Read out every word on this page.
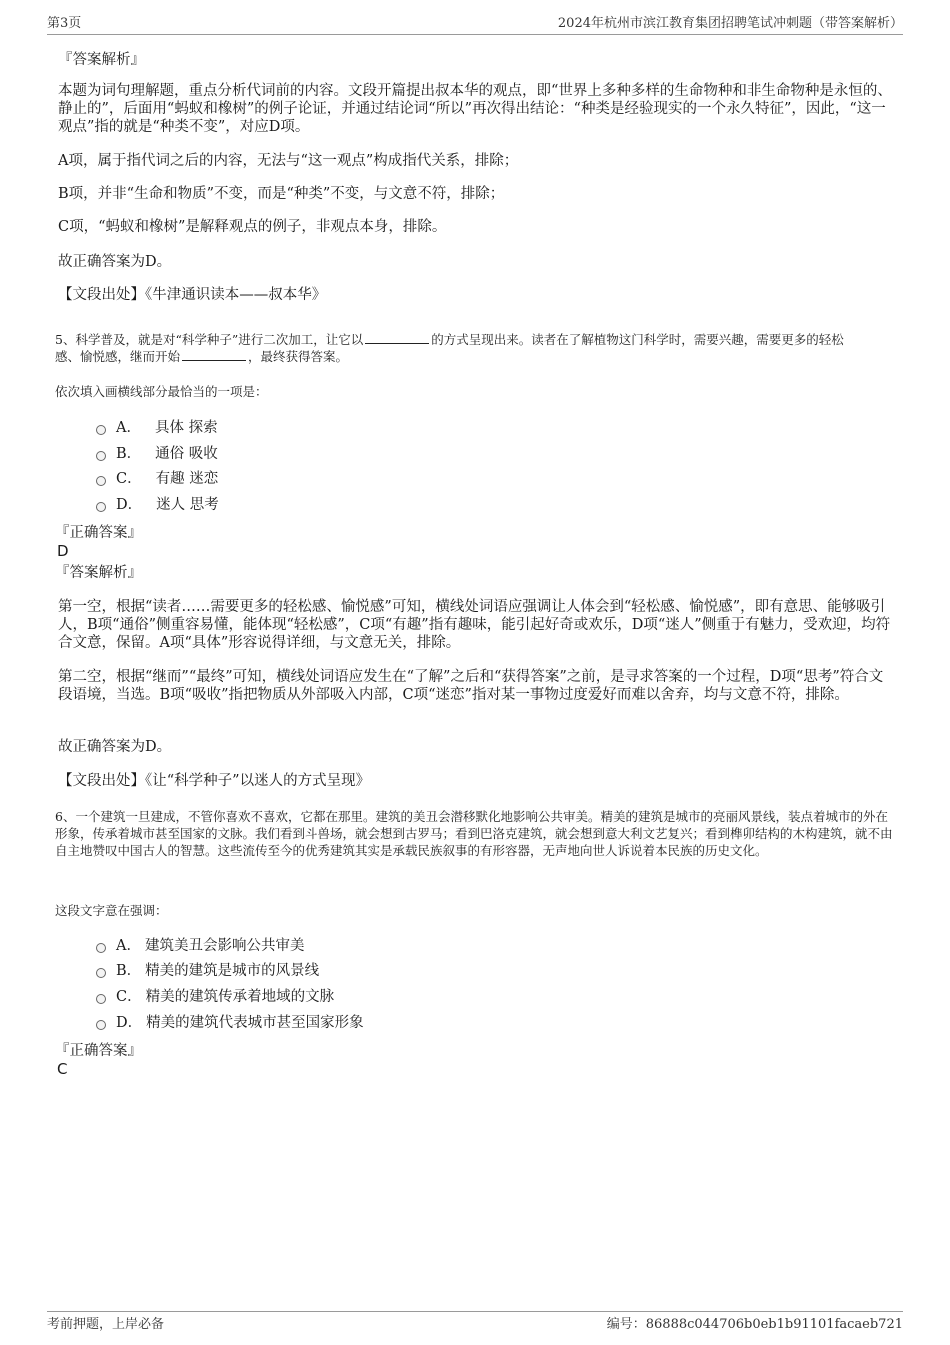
第3页	2024年杭州市滨江教育集团招聘笔试冲刺题（带答案解析）
『答案解析』

本题为词句理解题，重点分析代词前的内容。文段开篇提出叔本华的观点，即“世界上多种多样的生命物种和非生命物种是永恒的、静止的”，后面用“蚂蚁和橡树”的例子论证，并通过结论词“所以”再次得出结论：“种类是经验现实的一个永久特征”，因此，“这一观点”指的就是“种类不变”，对应D项。

A项，属于指代词之后的内容，无法与“这一观点”构成指代关系，排除；

B项，并非“生命和物质”不变，而是“种类”不变，与文意不符，排除；

C项，“蚂蚁和橡树”是解释观点的例子，非观点本身，排除。

故正确答案为D。

【文段出处】《牛津通识读本——叔本华》

5、科学普及，就是对“科学种子”进行二次加工，让它以	的方式呈现出来。读者在了解植物这门科学时，需要兴趣，需要更多的轻松
感、愉悦感，继而开始	，最终获得答案。

依次填入画横线部分最恰当的一项是：

A． 具体 探索
B． 通俗 吸收
C． 有趣 迷恋
D． 迷人 思考
『正确答案』
D
『答案解析』

第一空，根据“读者……需要更多的轻松感、愉悦感”可知，横线处词语应强调让人体会到“轻松感、愉悦感”，即有意思、能够吸引人，B项“通俗”侧重容易懂，能体现“轻松感”，C项“有趣”指有趣味，能引起好奇或欢乐，D项“迷人”侧重于有魅力，受欢迎，均符合文意，保留。A项“具体”形容说得详细，与文意无关，排除。

第二空，根据“继而”“最终”可知，横线处词语应发生在“了解”之后和“获得答案”之前，是寻求答案的一个过程，D项“思考”符合文段语境，当选。B项“吸收”指把物质从外部吸入内部，C项“迷恋”指对某一事物过度爱好而难以舍弃，均与文意不符，排除。

故正确答案为D。

【文段出处】《让“科学种子”以迷人的方式呈现》

6、一个建筑一旦建成，不管你喜欢不喜欢，它都在那里。建筑的美丑会潜移默化地影响公共审美。精美的建筑是城市的亮丽风景线，装点着城市的外在形象，传承着城市甚至国家的文脉。我们看到斗兽场，就会想到古罗马；看到巴洛克建筑，就会想到意大利文艺复兴；看到榫卯结构的木构建筑，就不由自主地赞叹中国古人的智慧。这些流传至今的优秀建筑其实是承载民族叙事的有形容器，无声地向世人诉说着本民族的历史文化。

这段文字意在强调：

A． 建筑美丑会影响公共审美
B． 精美的建筑是城市的风景线
C． 精美的建筑传承着地域的文脉
D． 精美的建筑代表城市甚至国家形象
『正确答案』
C
考前押题，上岸必备	编号：86888c044706b0eb1b91101facaeb721
